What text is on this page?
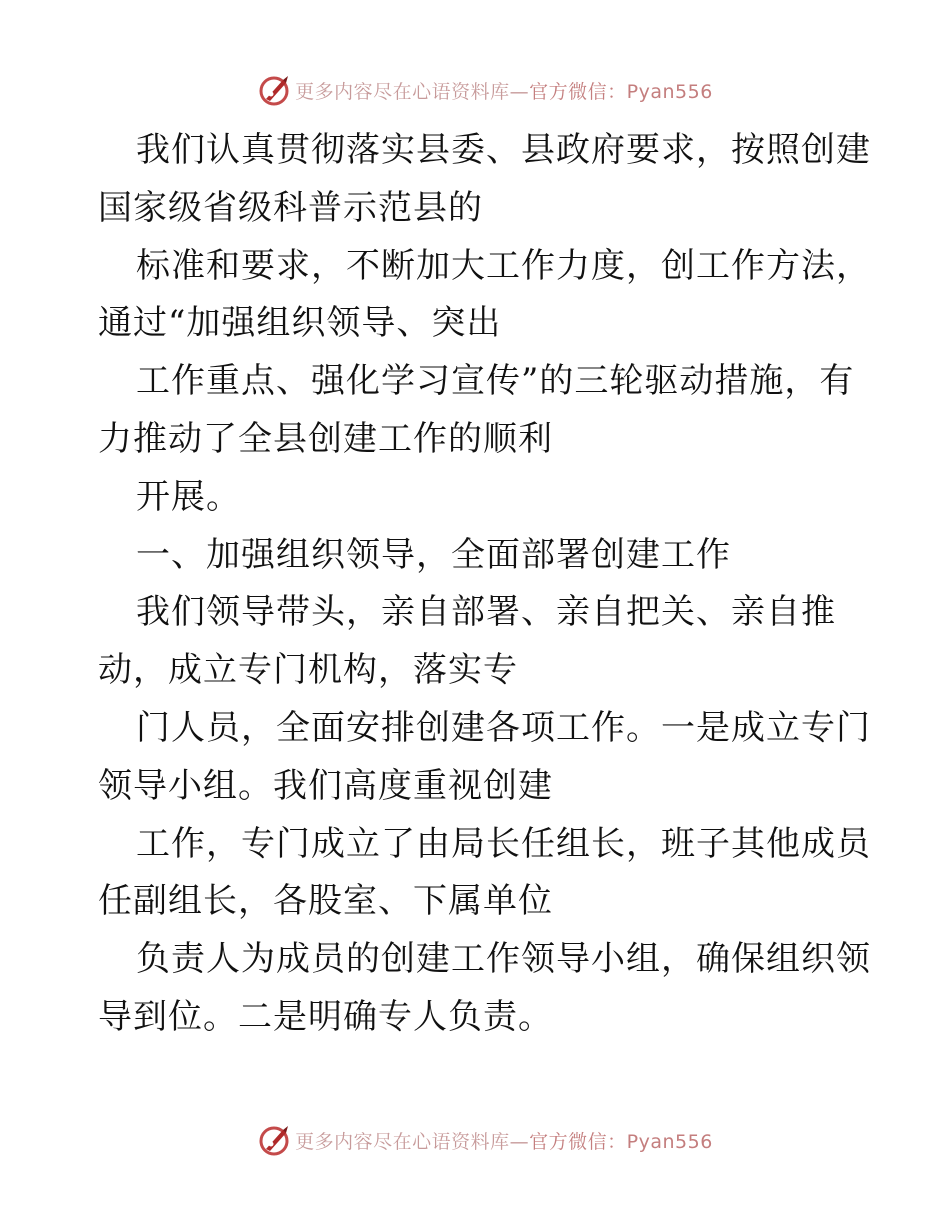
更多内容尽在心语资料库—官方微信：Pyan556
我们认真贯彻落实县委、县政府要求，按照创建
国家级省级科普示范县的
标准和要求，不断加大工作力度，创工作方法，
通过“加强组织领导、突出
工作重点、强化学习宣传”的三轮驱动措施，有
力推动了全县创建工作的顺利
开展。
一、加强组织领导，全面部署创建工作
我们领导带头，亲自部署、亲自把关、亲自推
动，成立专门机构，落实专
门人员，全面安排创建各项工作。一是成立专门
领导小组。我们高度重视创建
工作，专门成立了由局长任组长，班子其他成员
任副组长，各股室、下属单位
负责人为成员的创建工作领导小组，确保组织领
导到位。二是明确专人负责。
更多内容尽在心语资料库—官方微信：Pyan556
